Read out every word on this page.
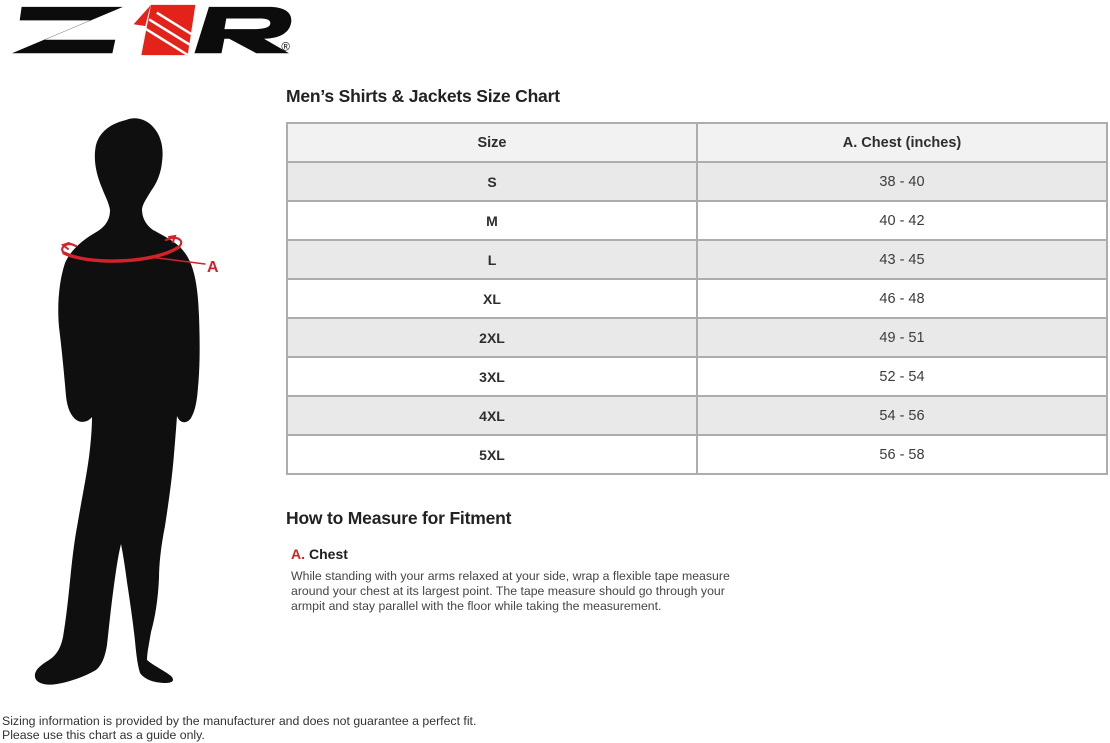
®
A
Men’s Shirts & Jackets Size Chart
Size	A. Chest (inches)
S	38 - 40
M	40 - 42
L	43 - 45
XL	46 - 48
2XL	49 - 51
3XL	52 - 54
4XL	54 - 56
5XL	56 - 58
How to Measure for Fitment
A. Chest
While standing with your arms relaxed at your side, wrap a flexible tape measure
around your chest at its largest point. The tape measure should go through your
armpit and stay parallel with the floor while taking the measurement.
Sizing information is provided by the manufacturer and does not guarantee a perfect fit.
Please use this chart as a guide only.
